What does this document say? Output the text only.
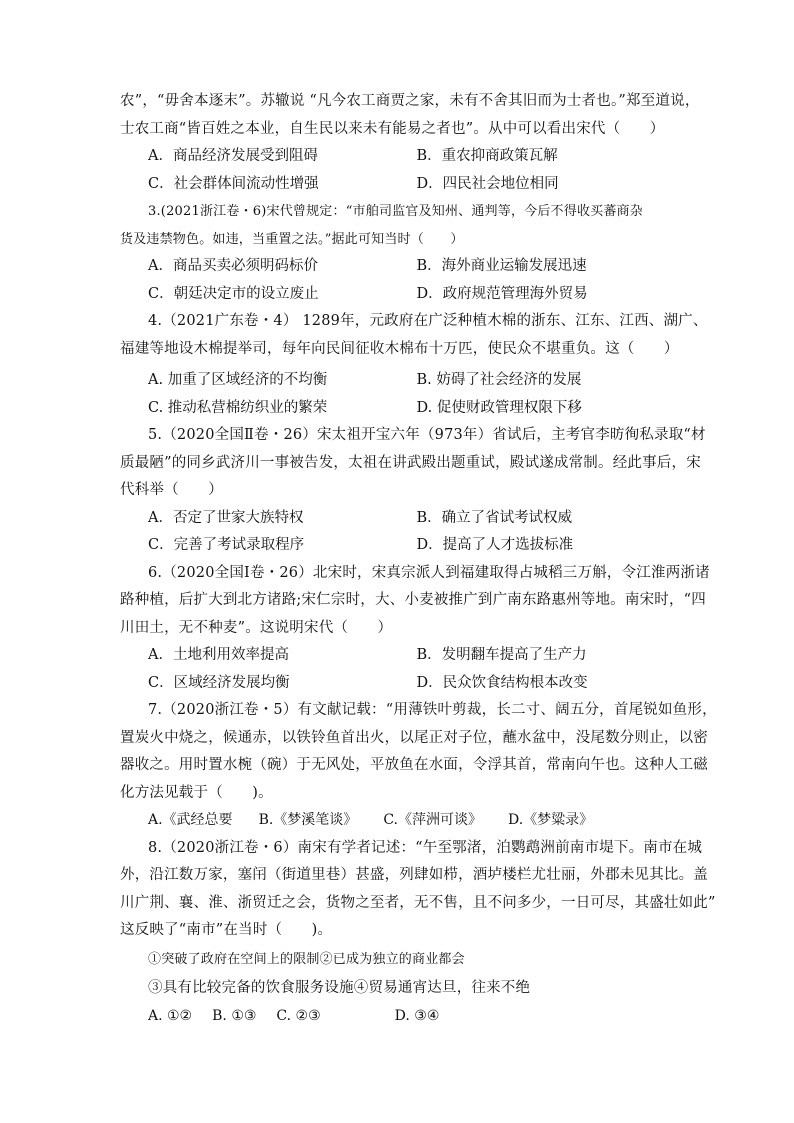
农”，“毋舍本逐末”。苏辙说 “凡今农工商贾之家，未有不舍其旧而为士者也。”郑至道说，

士农工商“皆百姓之本业，自生民以来未有能易之者也”。从中可以看出宋代（　　）

A．商品经济发展受到阻碍	B．重农抑商政策瓦解
C．社会群体间流动性增强	D．四民社会地位相同

3.(2021浙江卷・6)宋代曾规定：“市舶司监官及知州、通判等，今后不得收买蕃商杂

货及违禁物色。如违，当重置之法。”据此可知当时（　　）

A．商品买卖必须明码标价	B．海外商业运输发展迅速
C．朝廷决定市的设立废止	D．政府规范管理海外贸易

4.（2021广东卷・4） 1289年，元政府在广泛种植木棉的浙东、江东、江西、湖广、

福建等地设木棉提举司，每年向民间征收木棉布十万匹，使民众不堪重负。这（　　）

A. 加重了区域经济的不均衡	B. 妨碍了社会经济的发展
C. 推动私营棉纺织业的繁荣	D. 促使财政管理权限下移

5.（2020全国Ⅱ卷・26）宋太祖开宝六年（973年）省试后，主考官李昉徇私录取“材

质最陋”的同乡武济川一事被告发，太祖在讲武殿出题重试，殿试遂成常制。经此事后，宋

代科举（　　）

A．否定了世家大族特权	B．确立了省试考试权威
C．完善了考试录取程序	D．提高了人才选拔标准

6.（2020全国Ⅰ卷・26）北宋时，宋真宗派人到福建取得占城稻三万斛，令江淮两浙诸

路种植，后扩大到北方诸路;宋仁宗时，大、小麦被推广到广南东路惠州等地。南宋时，“四

川田土，无不种麦”。这说明宋代（　　）

A．土地利用效率提高	B．发明翻车提高了生产力
C．区域经济发展均衡	D．民众饮食结构根本改变

7.（2020浙江卷・5）有文献记载：“用薄铁叶剪裁，长二寸、阔五分，首尾锐如鱼形，

置炭火中烧之，候通赤，以铁铃鱼首出火，以尾正对子位，蘸水盆中，没尾数分则止，以密

器收之。用时置水椀（碗）于无风处，平放鱼在水面，令浮其首，常南向午也。这种人工磁

化方法见载于（　　)。

A.《武经总要 B.《梦溪笔谈》 C.《萍洲可谈》 D.《梦粱录》

8.（2020浙江卷・6）南宋有学者记述：“午至鄂渚，泊鹦鹉洲前南市堤下。南市在城

外，沿江数万家，塞闬（街道里巷）甚盛，列肆如栉，酒垆楼栏尤壮丽，外郡未见其比。盖

川广荆、襄、淮、浙贸迁之会，货物之至者，无不售，且不问多少，一日可尽，其盛壮如此”

这反映了“南市”在当时（　　)。

①突破了政府在空间上的限制②已成为独立的商业都会

③具有比较完备的饮食服务设施④贸易通宵达旦，往来不绝

A. ①② B. ①③ C. ②③	D. ③④
